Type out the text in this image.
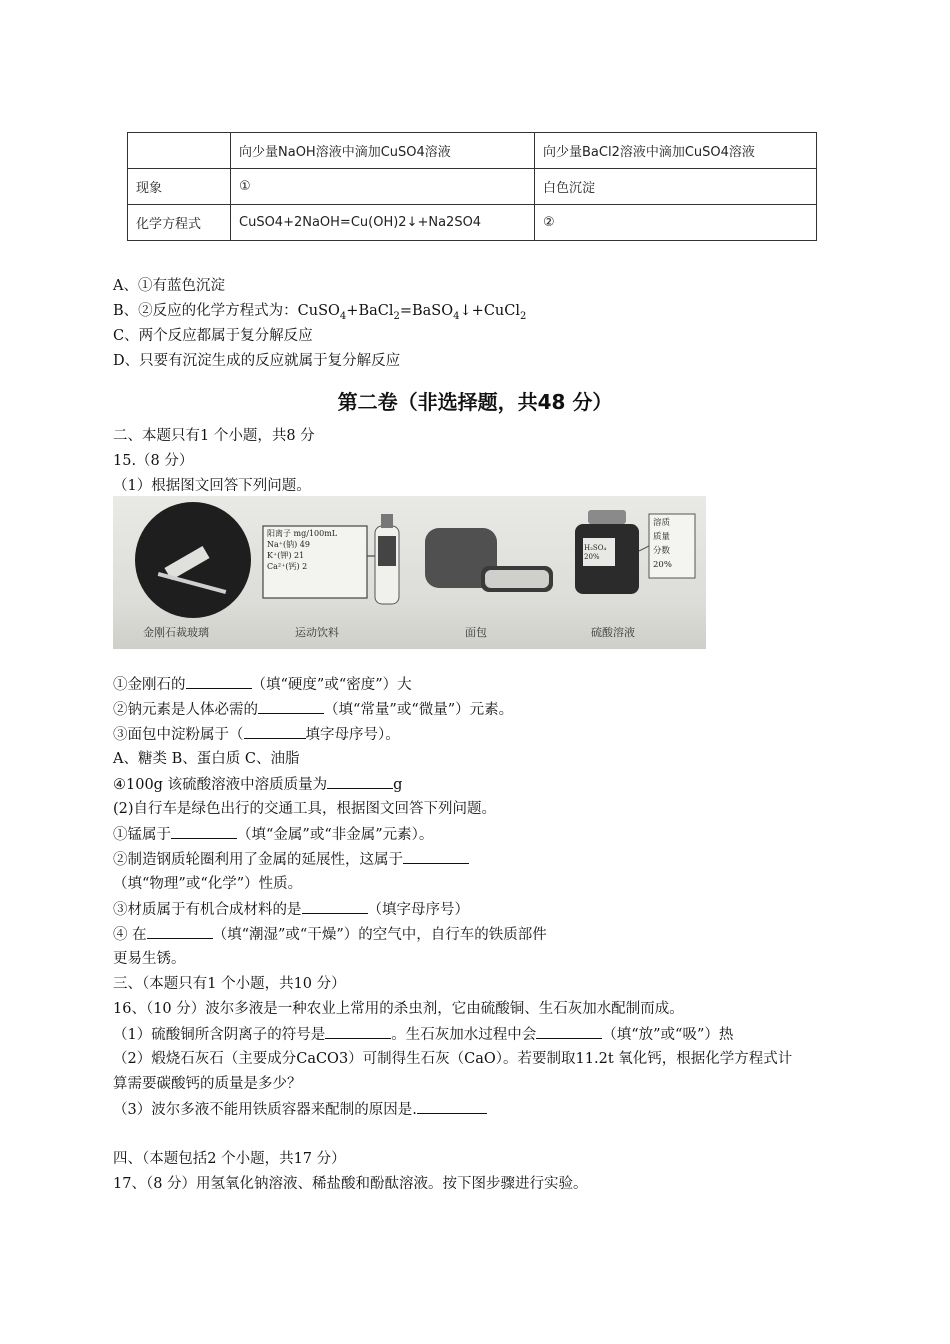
	向少量NaOH溶液中滴加CuSO4溶液	向少量BaCl2溶液中滴加CuSO4溶液
现象	①	白色沉淀
化学方程式	CuSO4+2NaOH=Cu(OH)2↓+Na2SO4	②
A、①有蓝色沉淀
B、②反应的化学方程式为：CuSO$_4$+BaCl$_2$=BaSO$_4$↓+CuCl$_2$
C、两个反应都属于复分解反应
D、只要有沉淀生成的反应就属于复分解反应
第二卷（非选择题，共48 分）
二、本题只有1 个小题，共8 分
15.（8 分）
（1）根据图文回答下列问题。
金刚石裁玻璃	运动饮料	面包	硫酸溶液
阳离子 mg/100mL
Na⁺(钠) 49
K⁺(钾) 21
Ca²⁺(钙) 2
H₂SO₄ 20%
溶质
质量
分数
20%
①金刚石的	（填“硬度”或“密度”）大
②钠元素是人体必需的	（填“常量”或“微量”）元素。
③面包中淀粉属于（	填字母序号）。
A、糖类 B、蛋白质 C、油脂
④100g 该硫酸溶液中溶质质量为	g
(2)自行车是绿色出行的交通工具，根据图文回答下列问题。
①锰属于	（填“金属”或“非金属”元素）。
②制造钢质轮圈利用了金属的延展性，这属于
（填“物理”或“化学”）性质。
③材质属于有机合成材料的是	（填字母序号）
④ 在	（填“潮湿”或“干燥”）的空气中，自行车的铁质部件
更易生锈。
三、（本题只有1 个小题，共10 分）
16、（10 分）波尔多液是一种农业上常用的杀虫剂，它由硫酸铜、生石灰加水配制而成。
（1）硫酸铜所含阴离子的符号是	。生石灰加水过程中会	（填“放”或“吸”）热
（2）煅烧石灰石（主要成分CaCO3）可制得生石灰（CaO）。若要制取11.2t 氧化钙，根据化学方程式计
算需要碳酸钙的质量是多少？
（3）波尔多液不能用铁质容器来配制的原因是.
四、（本题包括2 个小题，共17 分）
17、（8 分）用氢氧化钠溶液、稀盐酸和酚酞溶液。按下图步骤进行实验。
